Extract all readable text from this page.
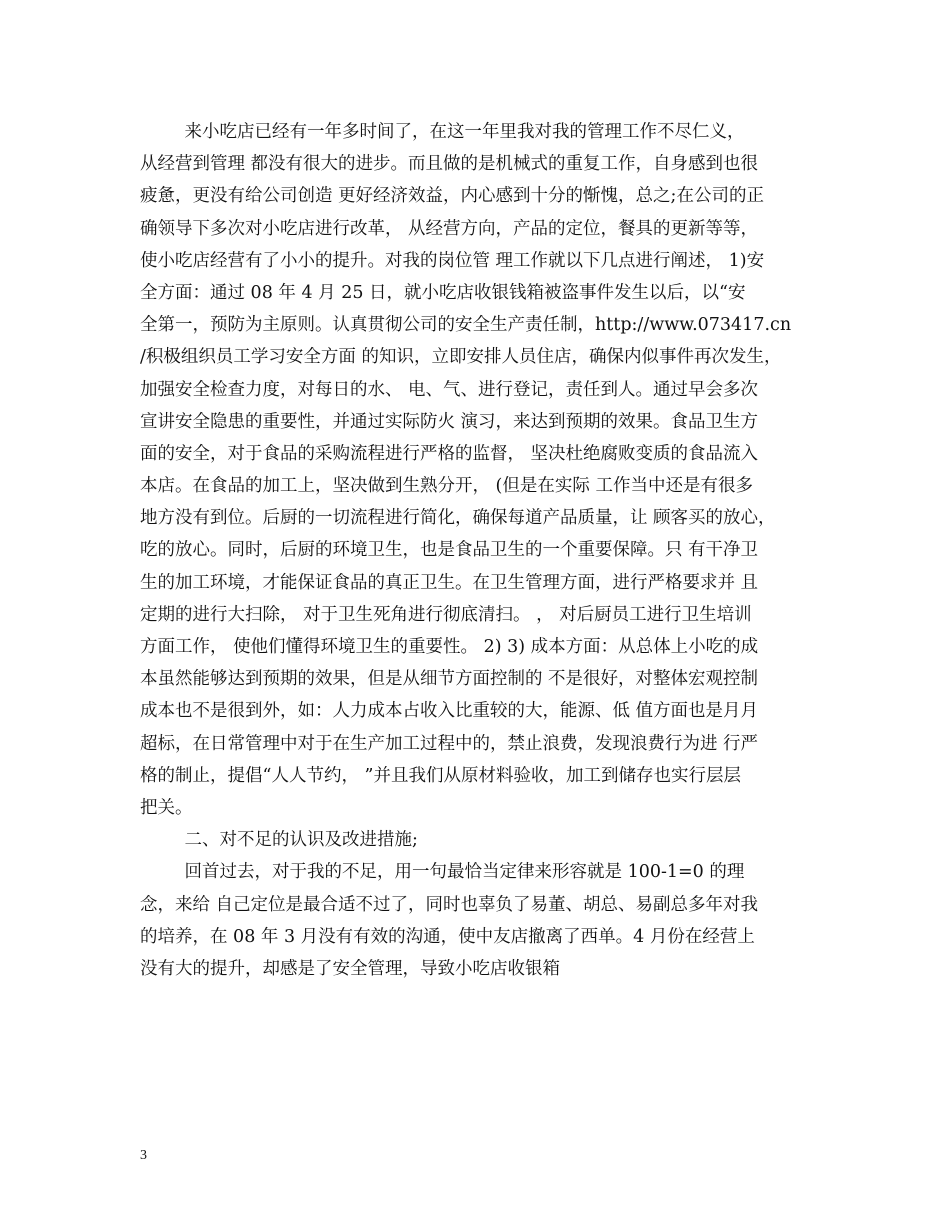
来小吃店已经有一年多时间了，在这一年里我对我的管理工作不尽仁义，
从经营到管理 都没有很大的进步。而且做的是机械式的重复工作，自身感到也很
疲惫，更没有给公司创造 更好经济效益，内心感到十分的惭愧，总之;在公司的正
确领导下多次对小吃店进行改革， 从经营方向，产品的定位，餐具的更新等等，
使小吃店经营有了小小的提升。对我的岗位管 理工作就以下几点进行阐述， 1)安
全方面：通过 08 年 4 月 25 日，就小吃店收银钱箱被盗事件发生以后，以“安
全第一，预防为主原则。认真贯彻公司的安全生产责任制，http://www.073417.cn
/积极组织员工学习安全方面 的知识，立即安排人员住店，确保内似事件再次发生，
加强安全检查力度，对每日的水、 电、气、进行登记，责任到人。通过早会多次
宣讲安全隐患的重要性，并通过实际防火 演习，来达到预期的效果。食品卫生方
面的安全，对于食品的采购流程进行严格的监督， 坚决杜绝腐败变质的食品流入
本店。在食品的加工上，坚决做到生熟分开， (但是在实际 工作当中还是有很多
地方没有到位。后厨的一切流程进行简化，确保每道产品质量，让 顾客买的放心，
吃的放心。同时，后厨的环境卫生，也是食品卫生的一个重要保障。只 有干净卫
生的加工环境，才能保证食品的真正卫生。在卫生管理方面，进行严格要求并 且
定期的进行大扫除， 对于卫生死角进行彻底清扫。 ， 对后厨员工进行卫生培训
方面工作， 使他们懂得环境卫生的重要性。 2) 3) 成本方面：从总体上小吃的成
本虽然能够达到预期的效果，但是从细节方面控制的 不是很好，对整体宏观控制
成本也不是很到外，如：人力成本占收入比重较的大，能源、低 值方面也是月月
超标，在日常管理中对于在生产加工过程中的，禁止浪费，发现浪费行为进 行严
格的制止，提倡“人人节约， ”并且我们从原材料验收，加工到储存也实行层层
把关。
二、对不足的认识及改进措施;
回首过去，对于我的不足，用一句最恰当定律来形容就是 100-1=0 的理
念，来给 自己定位是最合适不过了，同时也辜负了易董、胡总、易副总多年对我
的培养，在 08 年 3 月没有有效的沟通，使中友店撤离了西单。4 月份在经营上
没有大的提升，却感是了安全管理，导致小吃店收银箱
3
